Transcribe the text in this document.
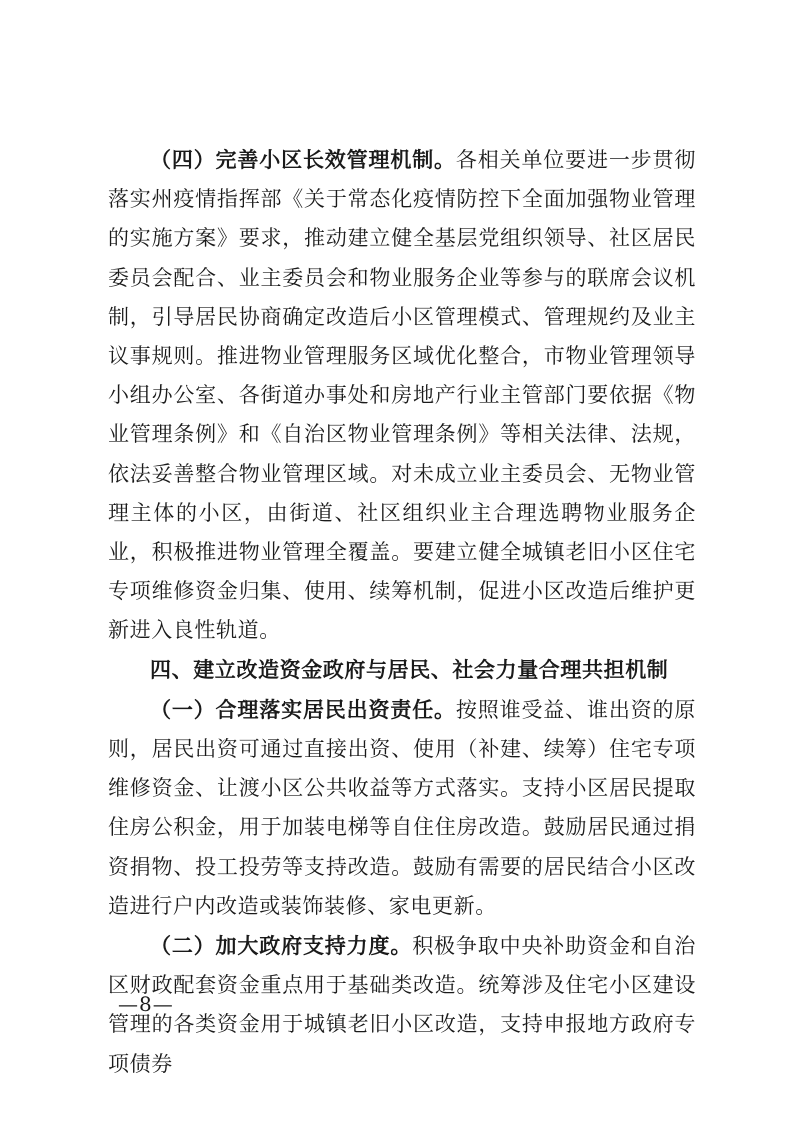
（四）完善小区长效管理机制。各相关单位要进一步贯彻落实州疫情指挥部《关于常态化疫情防控下全面加强物业管理的实施方案》要求，推动建立健全基层党组织领导、社区居民委员会配合、业主委员会和物业服务企业等参与的联席会议机制，引导居民协商确定改造后小区管理模式、管理规约及业主议事规则。推进物业管理服务区域优化整合，市物业管理领导小组办公室、各街道办事处和房地产行业主管部门要依据《物业管理条例》和《自治区物业管理条例》等相关法律、法规，依法妥善整合物业管理区域。对未成立业主委员会、无物业管理主体的小区，由街道、社区组织业主合理选聘物业服务企业，积极推进物业管理全覆盖。要建立健全城镇老旧小区住宅专项维修资金归集、使用、续筹机制，促进小区改造后维护更新进入良性轨道。

四、建立改造资金政府与居民、社会力量合理共担机制

（一）合理落实居民出资责任。按照谁受益、谁出资的原则，居民出资可通过直接出资、使用（补建、续筹）住宅专项维修资金、让渡小区公共收益等方式落实。支持小区居民提取住房公积金，用于加装电梯等自住住房改造。鼓励居民通过捐资捐物、投工投劳等支持改造。鼓励有需要的居民结合小区改造进行户内改造或装饰装修、家电更新。

（二）加大政府支持力度。积极争取中央补助资金和自治区财政配套资金重点用于基础类改造。统筹涉及住宅小区建设管理的各类资金用于城镇老旧小区改造，支持申报地方政府专项债券

—8—
